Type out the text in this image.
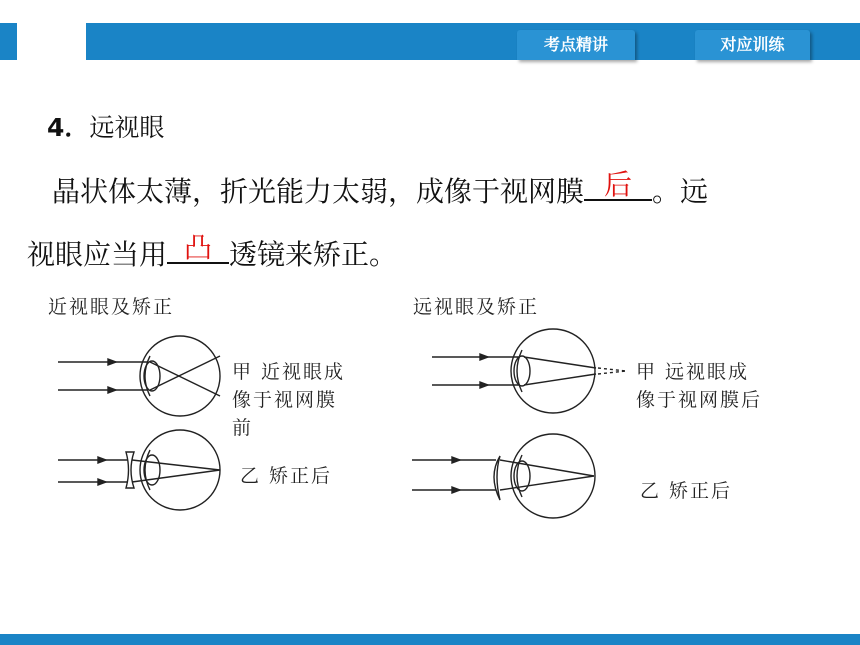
考点精讲	对应训练
4．远视眼
晶状体太薄，折光能力太弱，成像于视网膜 后 。远
视眼应当用 凸 透镜来矫正。
近视眼及矫正
甲 近视眼成
像于视网膜
前
乙 矫正后
远视眼及矫正
甲 远视眼成
像于视网膜后
乙 矫正后
